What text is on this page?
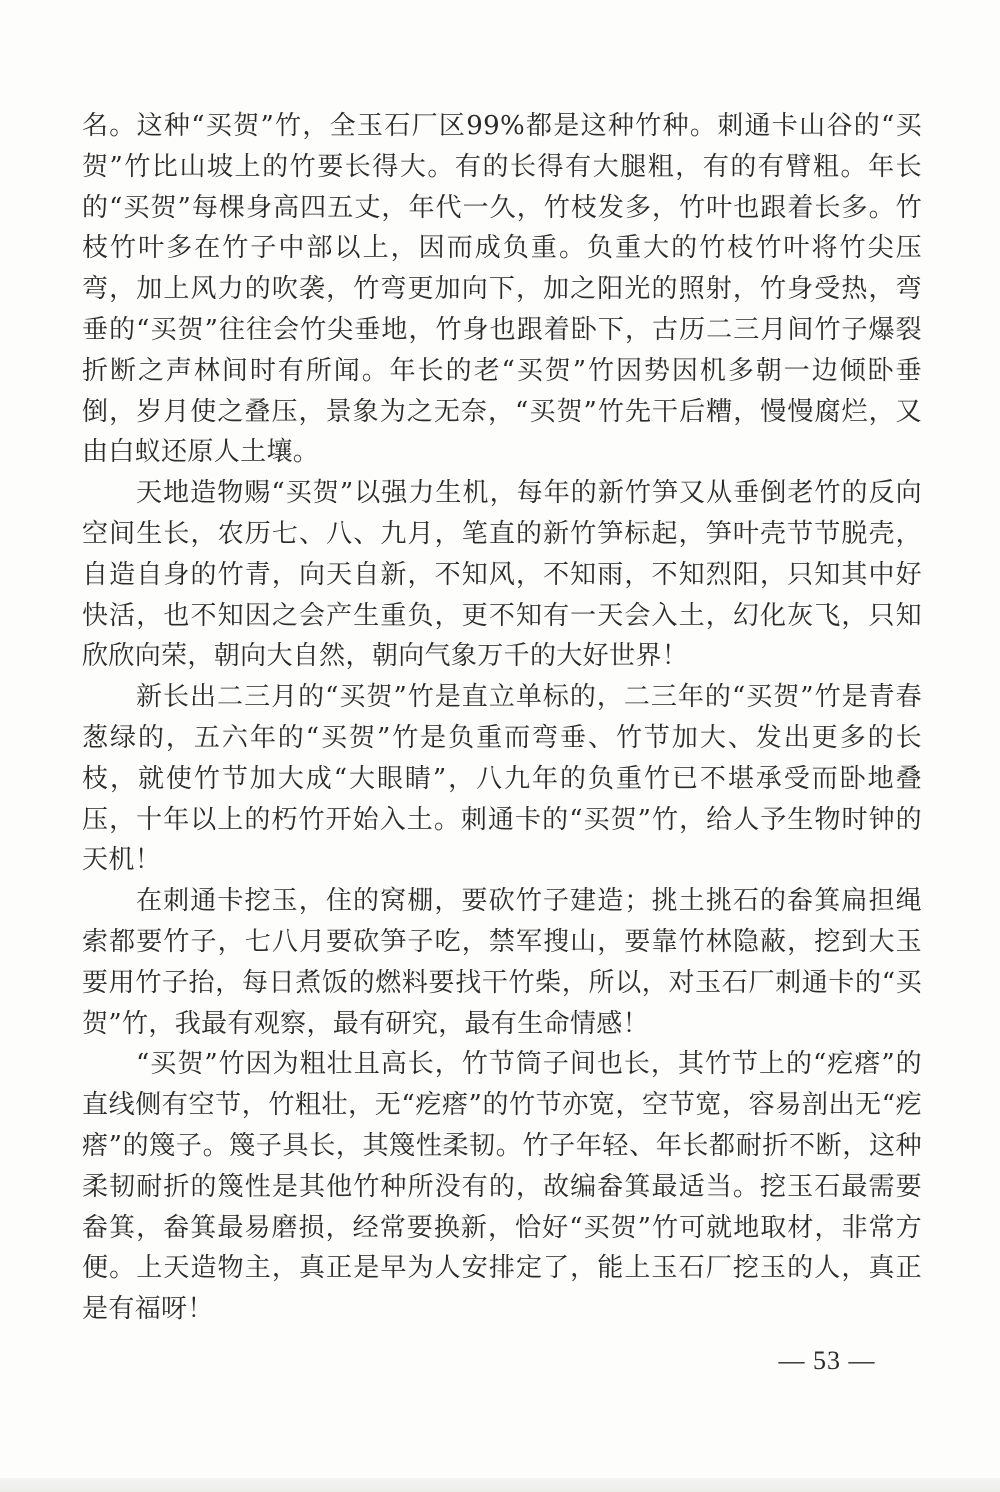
名。这种“买贺”竹，全玉石厂区99%都是这种竹种。刺通卡山谷的“买贺”竹比山坡上的竹要长得大。有的长得有大腿粗，有的有臂粗。年长的“买贺”每棵身高四五丈，年代一久，竹枝发多，竹叶也跟着长多。竹枝竹叶多在竹子中部以上，因而成负重。负重大的竹枝竹叶将竹尖压弯，加上风力的吹袭，竹弯更加向下，加之阳光的照射，竹身受热，弯垂的“买贺”往往会竹尖垂地，竹身也跟着卧下，古历二三月间竹子爆裂折断之声林间时有所闻。年长的老“买贺”竹因势因机多朝一边倾卧垂倒，岁月使之叠压，景象为之无奈，“买贺”竹先干后糟，慢慢腐烂，又由白蚁还原人土壤。

天地造物赐“买贺”以强力生机，每年的新竹笋又从垂倒老竹的反向空间生长，农历七、八、九月，笔直的新竹笋标起，笋叶壳节节脱壳，自造自身的竹青，向天自新，不知风，不知雨，不知烈阳，只知其中好快活，也不知因之会产生重负，更不知有一天会入土，幻化灰飞，只知欣欣向荣，朝向大自然，朝向气象万千的大好世界！

新长出二三月的“买贺”竹是直立单标的，二三年的“买贺”竹是青春葱绿的，五六年的“买贺”竹是负重而弯垂、竹节加大、发出更多的长枝，就使竹节加大成“大眼睛”，八九年的负重竹已不堪承受而卧地叠压，十年以上的朽竹开始入土。刺通卡的“买贺”竹，给人予生物时钟的天机！

在刺通卡挖玉，住的窝棚，要砍竹子建造；挑土挑石的畚箕扁担绳索都要竹子，七八月要砍笋子吃，禁军搜山，要靠竹林隐蔽，挖到大玉要用竹子抬，每日煮饭的燃料要找干竹柴，所以，对玉石厂刺通卡的“买贺”竹，我最有观察，最有研究，最有生命情感！

“买贺”竹因为粗壮且高长，竹节筒子间也长，其竹节上的“疙瘩”的直线侧有空节，竹粗壮，无“疙瘩”的竹节亦宽，空节宽，容易剖出无“疙瘩”的篾子。篾子具长，其篾性柔韧。竹子年轻、年长都耐折不断，这种柔韧耐折的篾性是其他竹种所没有的，故编畚箕最适当。挖玉石最需要畚箕，畚箕最易磨损，经常要换新，恰好“买贺”竹可就地取材，非常方便。上天造物主，真正是早为人安排定了，能上玉石厂挖玉的人，真正是有福呀！

— 53 —
